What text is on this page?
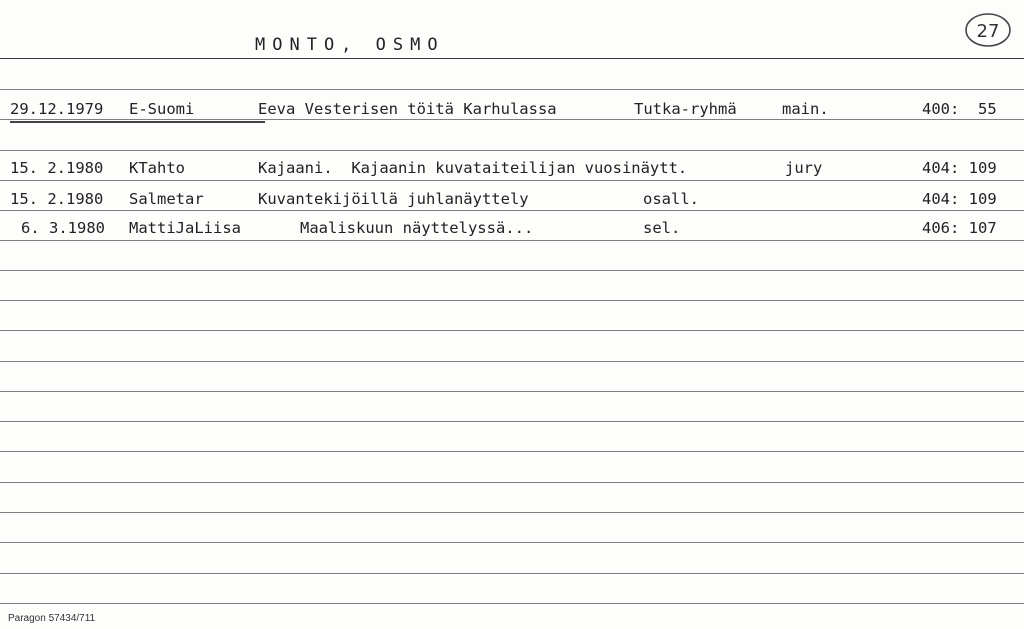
MONTO, OSMO
27
29.12.1979 E-Suomi	Eeva Vesterisen töitä Karhulassa	Tutka-ryhmä	main.	400:  55
15. 2.1980 KTahto	Kajaani.  Kajaanin kuvataiteilijan vuosinäytt.	jury	404: 109
15. 2.1980 Salmetar	Kuvantekijöillä juhlanäyttely	osall.	404: 109
6. 3.1980 MattiJaLiisa	Maaliskuun näyttelyssä...	sel.	406: 107
Paragon 57434/711
